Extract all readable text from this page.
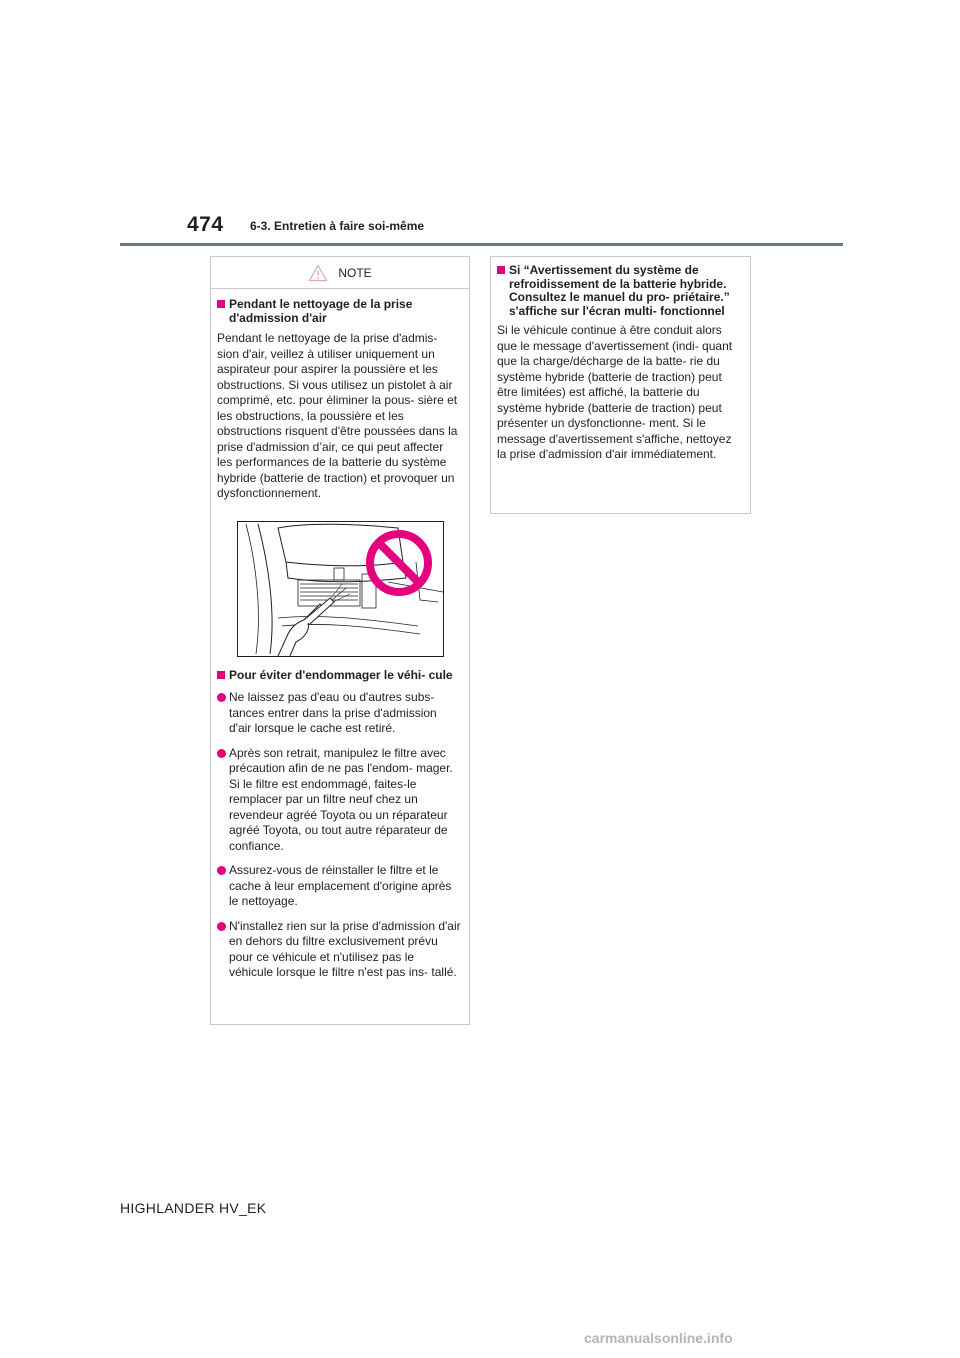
474 6-3. Entretien à faire soi-même
NOTE
Pendant le nettoyage de la prise d'admission d'air
Pendant le nettoyage de la prise d'admis- sion d'air, veillez à utiliser uniquement un aspirateur pour aspirer la poussière et les obstructions. Si vous utilisez un pistolet à air comprimé, etc. pour éliminer la pous- sière et les obstructions, la poussière et les obstructions risquent d'être poussées dans la prise d'admission d’air, ce qui peut affecter les performances de la batterie du système hybride (batterie de traction) et provoquer un dysfonctionnement.
Pour éviter d'endommager le véhi- cule
Ne laissez pas d'eau ou d'autres subs- tances entrer dans la prise d'admission d'air lorsque le cache est retiré.
Après son retrait, manipulez le filtre avec précaution afin de ne pas l'endom- mager. Si le filtre est endommagé, faites-le remplacer par un filtre neuf chez un revendeur agréé Toyota ou un réparateur agréé Toyota, ou tout autre réparateur de confiance.
Assurez-vous de réinstaller le filtre et le cache à leur emplacement d'origine après le nettoyage.
N'installez rien sur la prise d'admission d'air en dehors du filtre exclusivement prévu pour ce véhicule et n'utilisez pas le véhicule lorsque le filtre n'est pas ins- tallé.
Si “Avertissement du système de refroidissement de la batterie hybride. Consultez le manuel du pro- priétaire.” s'affiche sur l'écran multi- fonctionnel
Si le véhicule continue à être conduit alors que le message d'avertissement (indi- quant que la charge/décharge de la batte- rie du système hybride (batterie de traction) peut être limitées) est affiché, la batterie du système hybride (batterie de traction) peut présenter un dysfonctionne- ment. Si le message d'avertissement s'affiche, nettoyez la prise d'admission d'air immédiatement.
HIGHLANDER HV_EK
carmanualsonline.info
